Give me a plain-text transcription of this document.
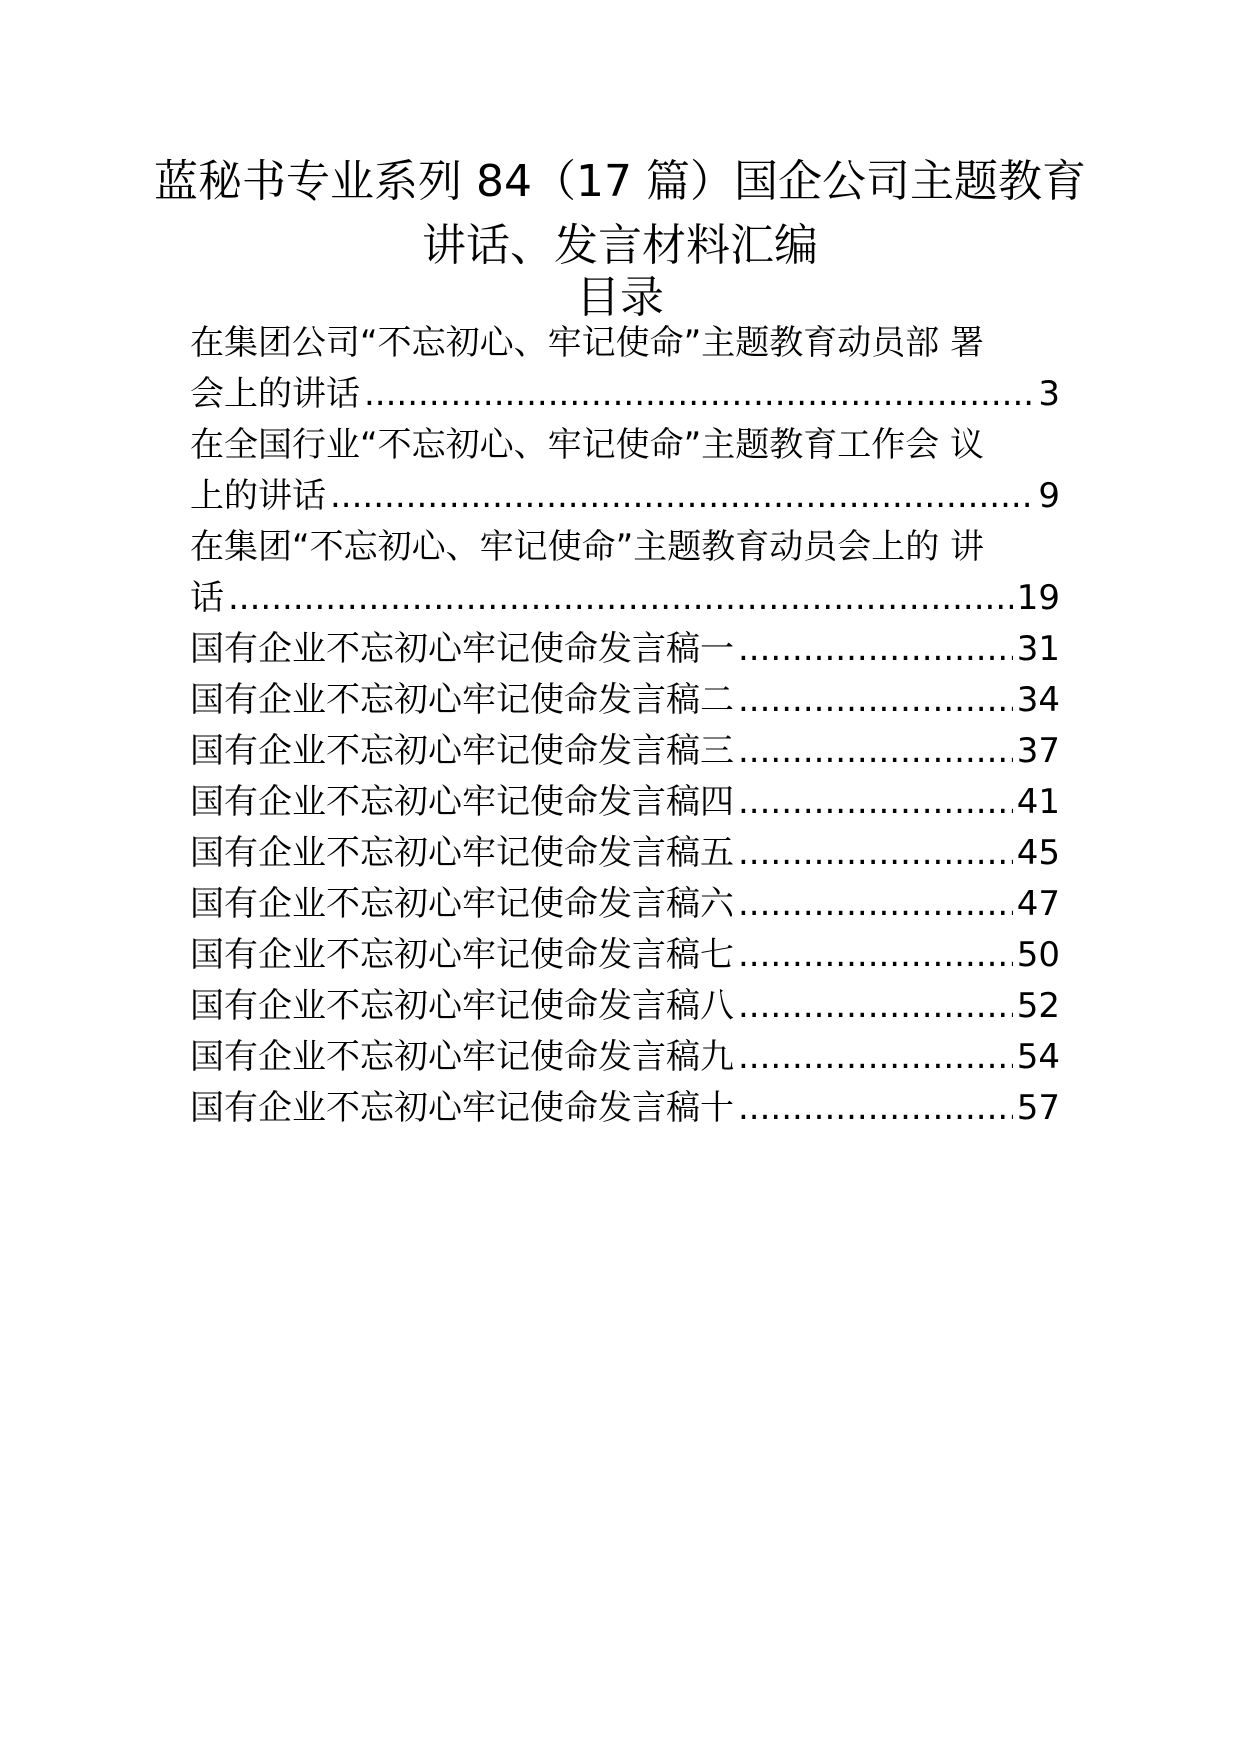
蓝秘书专业系列 84（17 篇）国企公司主题教育讲话、发言材料汇编
目录
在集团公司“不忘初心、牢记使命”主题教育动员部 署
会上的讲话 .....	3
在全国行业“不忘初心、牢记使命”主题教育工作会 议
上的讲话 .....	9
在集团“不忘初心、牢记使命”主题教育动员会上的 讲
话 .....	19
国有企业不忘初心牢记使命发言稿一 .....	31
国有企业不忘初心牢记使命发言稿二 .....	34
国有企业不忘初心牢记使命发言稿三 .....	37
国有企业不忘初心牢记使命发言稿四 .....	41
国有企业不忘初心牢记使命发言稿五 .....	45
国有企业不忘初心牢记使命发言稿六 .....	47
国有企业不忘初心牢记使命发言稿七 .....	50
国有企业不忘初心牢记使命发言稿八 .....	52
国有企业不忘初心牢记使命发言稿九 .....	54
国有企业不忘初心牢记使命发言稿十 .....	57
